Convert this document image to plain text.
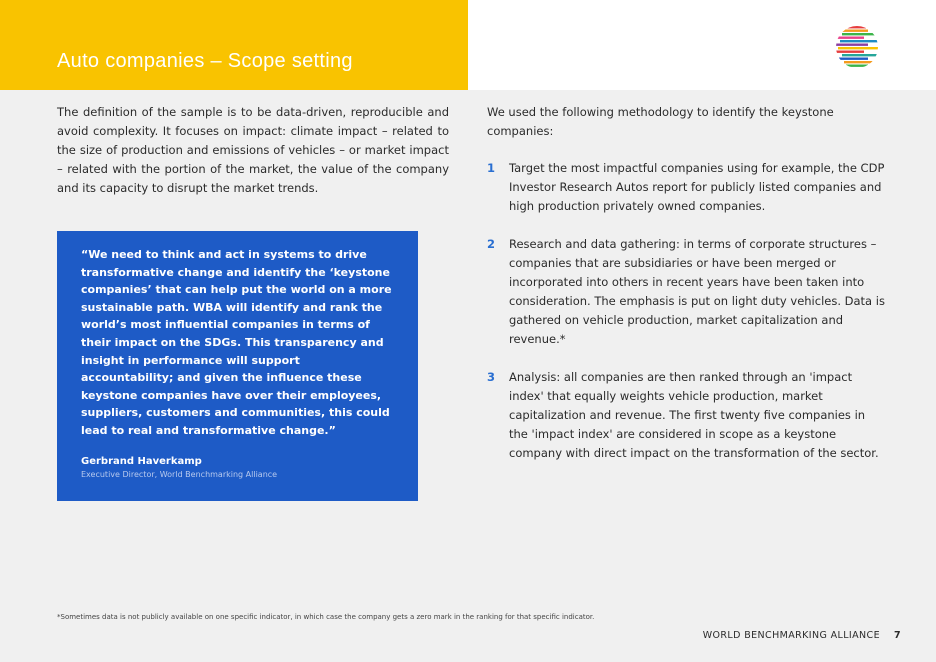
Auto companies – Scope setting

The definition of the sample is to be data-driven, reproducible and avoid complexity. It focuses on impact: climate impact – related to the size of production and emissions of vehicles – or market impact – related with the portion of the market, the value of the company and its capacity to disrupt the market trends.

“We need to think and act in systems to drive transformative change and identify the ‘keystone companies’ that can help put the world on a more sustainable path. WBA will identify and rank the world’s most influential companies in terms of their impact on the SDGs. This transparency and insight in performance will support accountability; and given the influence these keystone companies have over their employees, suppliers, customers and communities, this could lead to real and transformative change.”

Gerbrand Haverkamp

Executive Director, World Benchmarking Alliance

We used the following methodology to identify the keystone companies:

1 Target the most impactful companies using for example, the CDP Investor Research Autos report for publicly listed companies and high production privately owned companies.

2 Research and data gathering: in terms of corporate structures – companies that are subsidiaries or have been merged or incorporated into others in recent years have been taken into consideration. The emphasis is put on light duty vehicles. Data is gathered on vehicle production, market capitalization and revenue.*

3 Analysis: all companies are then ranked through an 'impact index' that equally weights vehicle production, market capitalization and revenue. The first twenty five companies in the 'impact index' are considered in scope as a keystone company with direct impact on the transformation of the sector.

*Sometimes data is not publicly available on one specific indicator, in which case the company gets a zero mark in the ranking for that specific indicator.
WORLD BENCHMARKING ALLIANCE 7
